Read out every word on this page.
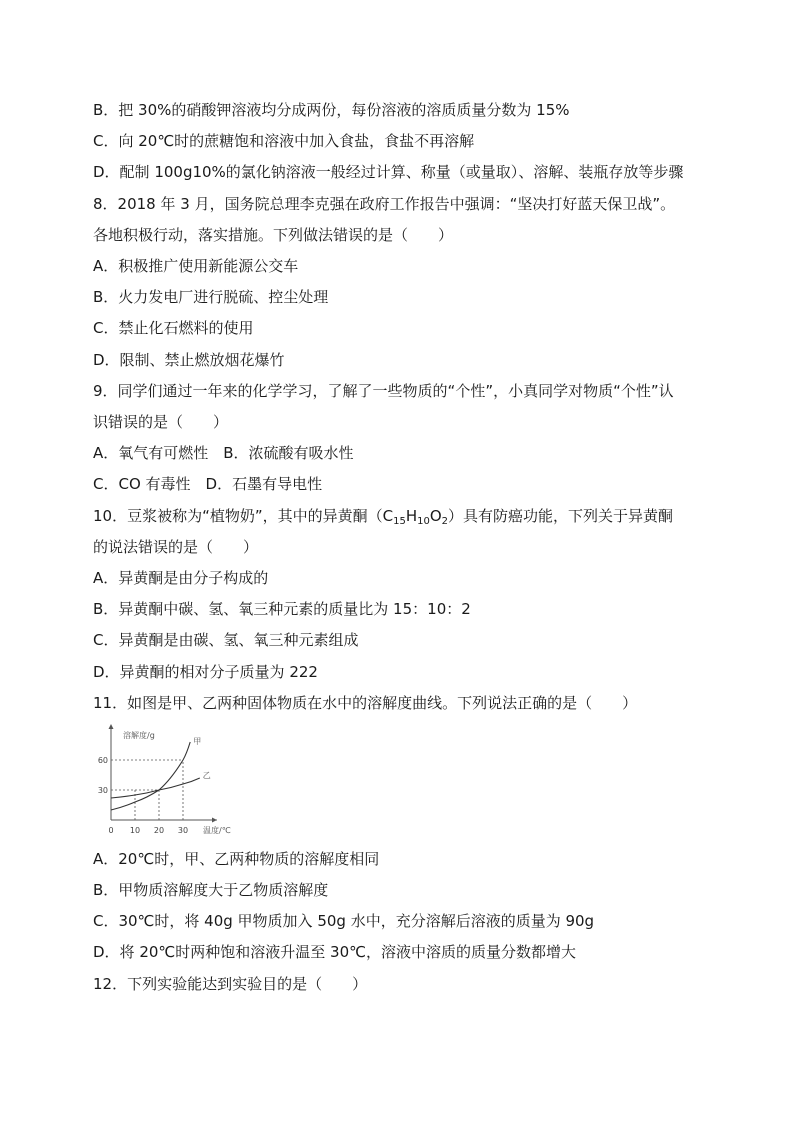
B．把 30%的硝酸钾溶液均分成两份，每份溶液的溶质质量分数为 15%
C．向 20℃时的蔗糖饱和溶液中加入食盐，食盐不再溶解
D．配制 100g10%的氯化钠溶液一般经过计算、称量（或量取）、溶解、装瓶存放等步骤
8．2018 年 3 月，国务院总理李克强在政府工作报告中强调：“坚决打好蓝天保卫战”。
各地积极行动，落实措施。下列做法错误的是（　　）
A．积极推广使用新能源公交车
B．火力发电厂进行脱硫、控尘处理
C．禁止化石燃料的使用
D．限制、禁止燃放烟花爆竹
9．同学们通过一年来的化学学习，了解了一些物质的“个性”，小真同学对物质“个性”认
识错误的是（　　）
A．氧气有可燃性　B．浓硫酸有吸水性
C．CO 有毒性　D．石墨有导电性
10．豆浆被称为“植物奶”，其中的异黄酮$(C_{15}H_{10}O_2)$具有防癌功能，下列关于异黄酮
的说法错误的是（　　）
A．异黄酮是由分子构成的
B．异黄酮中碳、氢、氧三种元素的质量比为 15：10：2
C．异黄酮是由碳、氢、氧三种元素组成
D．异黄酮的相对分子质量为 222
11．如图是甲、乙两种固体物质在水中的溶解度曲线。下列说法正确的是（　　）
溶解度/g
温度/℃
0 10 20 30
30
60
甲
乙
A．20℃时，甲、乙两种物质的溶解度相同
B．甲物质溶解度大于乙物质溶解度
C．30℃时，将 40g 甲物质加入 50g 水中，充分溶解后溶液的质量为 90g
D．将 20℃时两种饱和溶液升温至 30℃，溶液中溶质的质量分数都增大
12．下列实验能达到实验目的是（　　）
